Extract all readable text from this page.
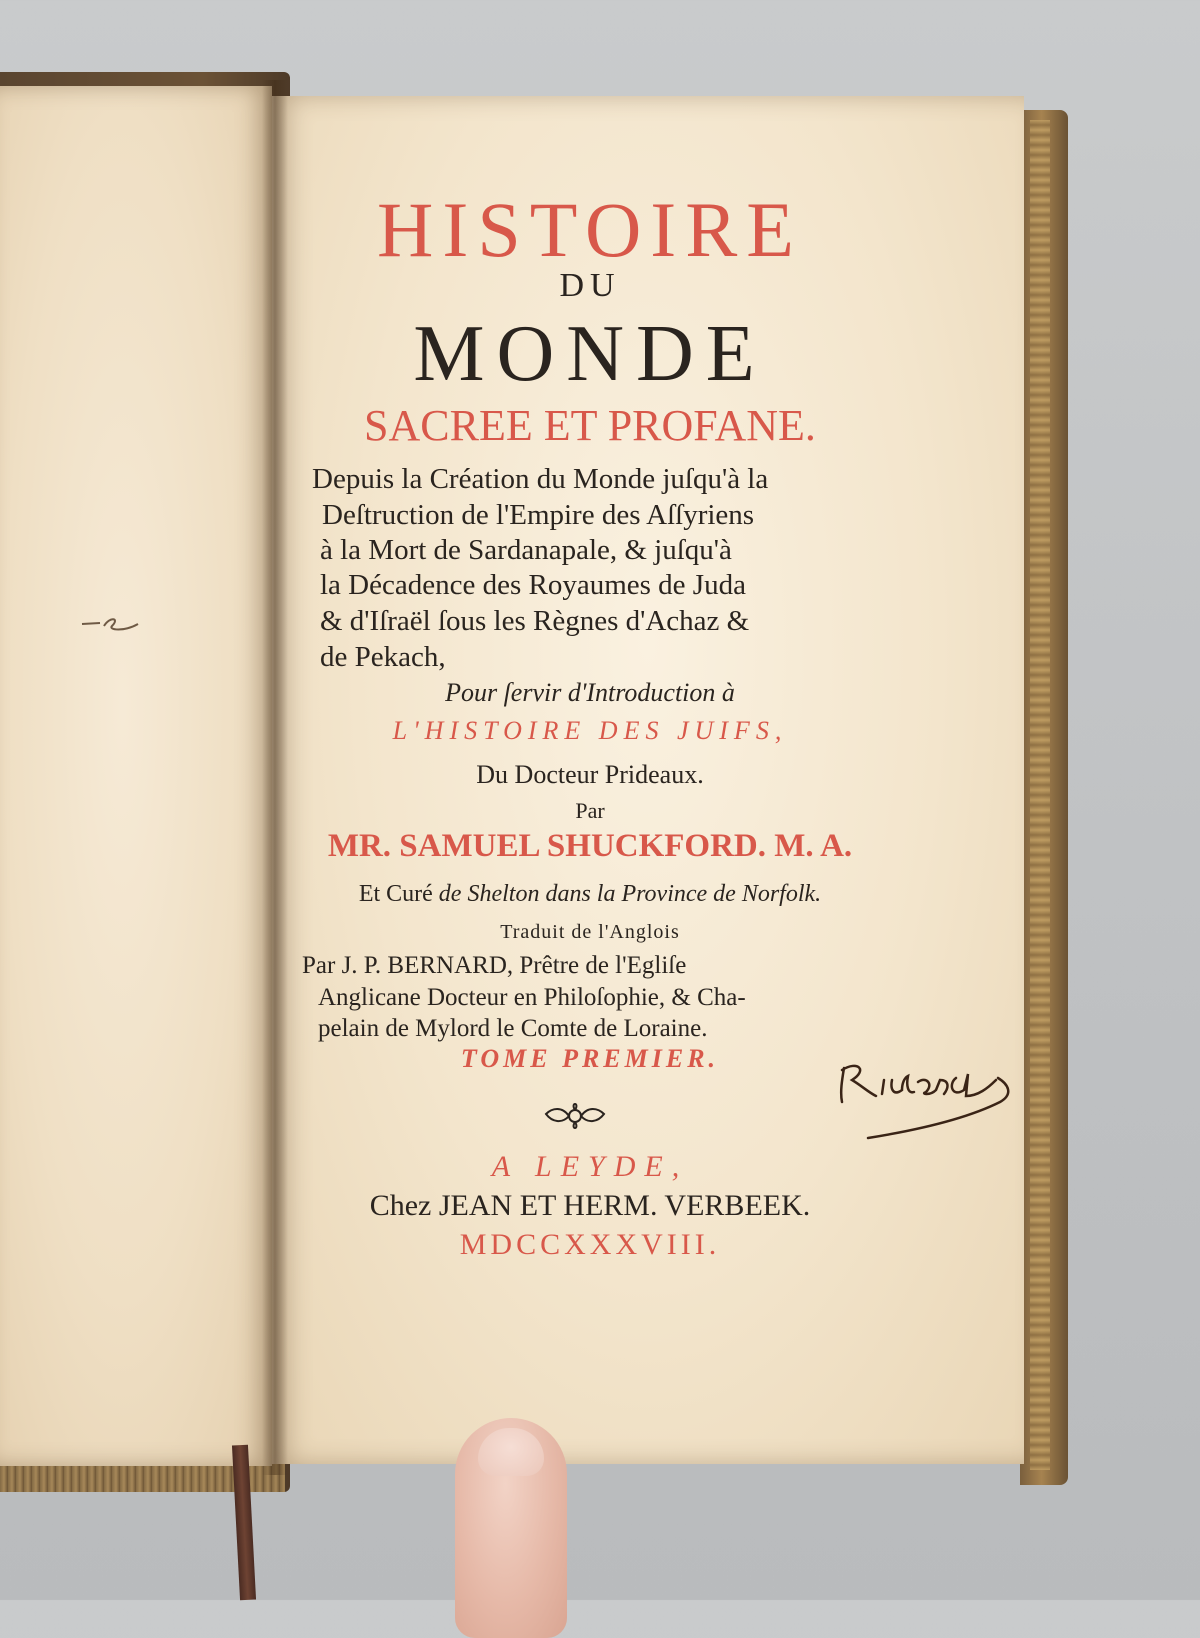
HISTOIRE
DU
MONDE
SACREE ET PROFANE.
Depuis la Création du Monde juſqu'à la
Deſtruction de l'Empire des Aſſyriens
à la Mort de Sardanapale, & juſqu'à
la Décadence des Royaumes de Juda
& d'Iſraël ſous les Règnes d'Achaz &
de Pekach,
Pour ſervir d'Introduction à
L'HISTOIRE DES JUIFS,
Du Docteur Prideaux.
Par
MR. SAMUEL SHUCKFORD. M. A.
Et Curé de Shelton dans la Province de Norfolk.
Traduit de l'Anglois
Par J. P. BERNARD, Prêtre de l'Egliſe
Anglicane Docteur en Philoſophie, & Cha-
pelain de Mylord le Comte de Loraine.
TOME PREMIER.
A LEYDE,
Chez JEAN ET HERM. VERBEEK.
MDCCXXXVIII.
